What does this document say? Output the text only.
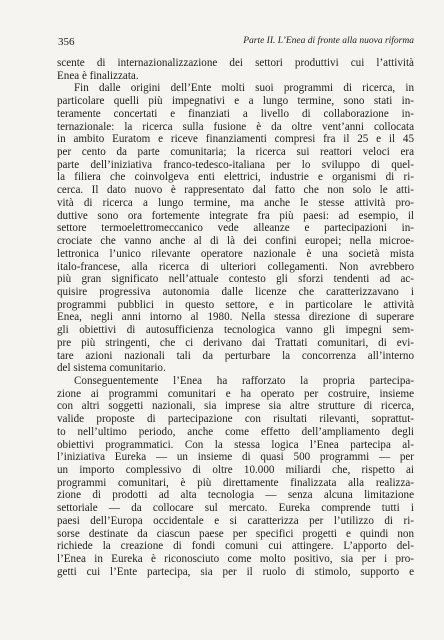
356	Parte II. L’Enea di fronte alla nuova riforma
scente di internazionalizzazione dei settori produttivi cui l’attività
Enea è finalizzata.
Fin dalle origini dell’Ente molti suoi programmi di ricerca, in
particolare quelli più impegnativi e a lungo termine, sono stati in-
teramente concertati e finanziati a livello di collaborazione in-
ternazionale: la ricerca sulla fusione è da oltre vent’anni collocata
in ambito Euratom e riceve finanziamenti compresi fra il 25 e il 45
per cento da parte comunitaria; la ricerca sui reattori veloci era
parte dell’iniziativa franco-tedesco-italiana per lo sviluppo di quel-
la filiera che coinvolgeva enti elettrici, industrie e organismi di ri-
cerca. Il dato nuovo è rappresentato dal fatto che non solo le atti-
vità di ricerca a lungo termine, ma anche le stesse attività pro-
duttive sono ora fortemente integrate fra più paesi: ad esempio, il
settore termoelettromeccanico vede alleanze e partecipazioni in-
crociate che vanno anche al di là dei confini europei; nella microe-
lettronica l’unico rilevante operatore nazionale è una società mista
italo-francese, alla ricerca di ulteriori collegamenti. Non avrebbero
più gran significato nell’attuale contesto gli sforzi tendenti ad ac-
quisire progressiva autonomia dalle licenze che caratterizzavano i
programmi pubblici in questo settore, e in particolare le attività
Enea, negli anni intorno al 1980. Nella stessa direzione di superare
gli obiettivi di autosufficienza tecnologica vanno gli impegni sem-
pre più stringenti, che ci derivano dai Trattati comunitari, di evi-
tare azioni nazionali tali da perturbare la concorrenza all’interno
del sistema comunitario.
Conseguentemente l’Enea ha rafforzato la propria partecipa-
zione ai programmi comunitari e ha operato per costruire, insieme
con altri soggetti nazionali, sia imprese sia altre strutture di ricerca,
valide proposte di partecipazione con risultati rilevanti, soprattut-
to nell’ultimo periodo, anche come effetto dell’ampliamento degli
obiettivi programmatici. Con la stessa logica l’Enea partecipa al-
l’iniziativa Eureka — un insieme di quasi 500 programmi — per
un importo complessivo di oltre 10.000 miliardi che, rispetto ai
programmi comunitari, è più direttamente finalizzata alla realizza-
zione di prodotti ad alta tecnologia — senza alcuna limitazione
settoriale — da collocare sul mercato. Eureka comprende tutti i
paesi dell’Europa occidentale e si caratterizza per l’utilizzo di ri-
sorse destinate da ciascun paese per specifici progetti e quindi non
richiede la creazione di fondi comuni cui attingere. L’apporto del-
l’Enea in Eureka è riconosciuto come molto positivo, sia per i pro-
getti cui l’Ente partecipa, sia per il ruolo di stimolo, supporto e
